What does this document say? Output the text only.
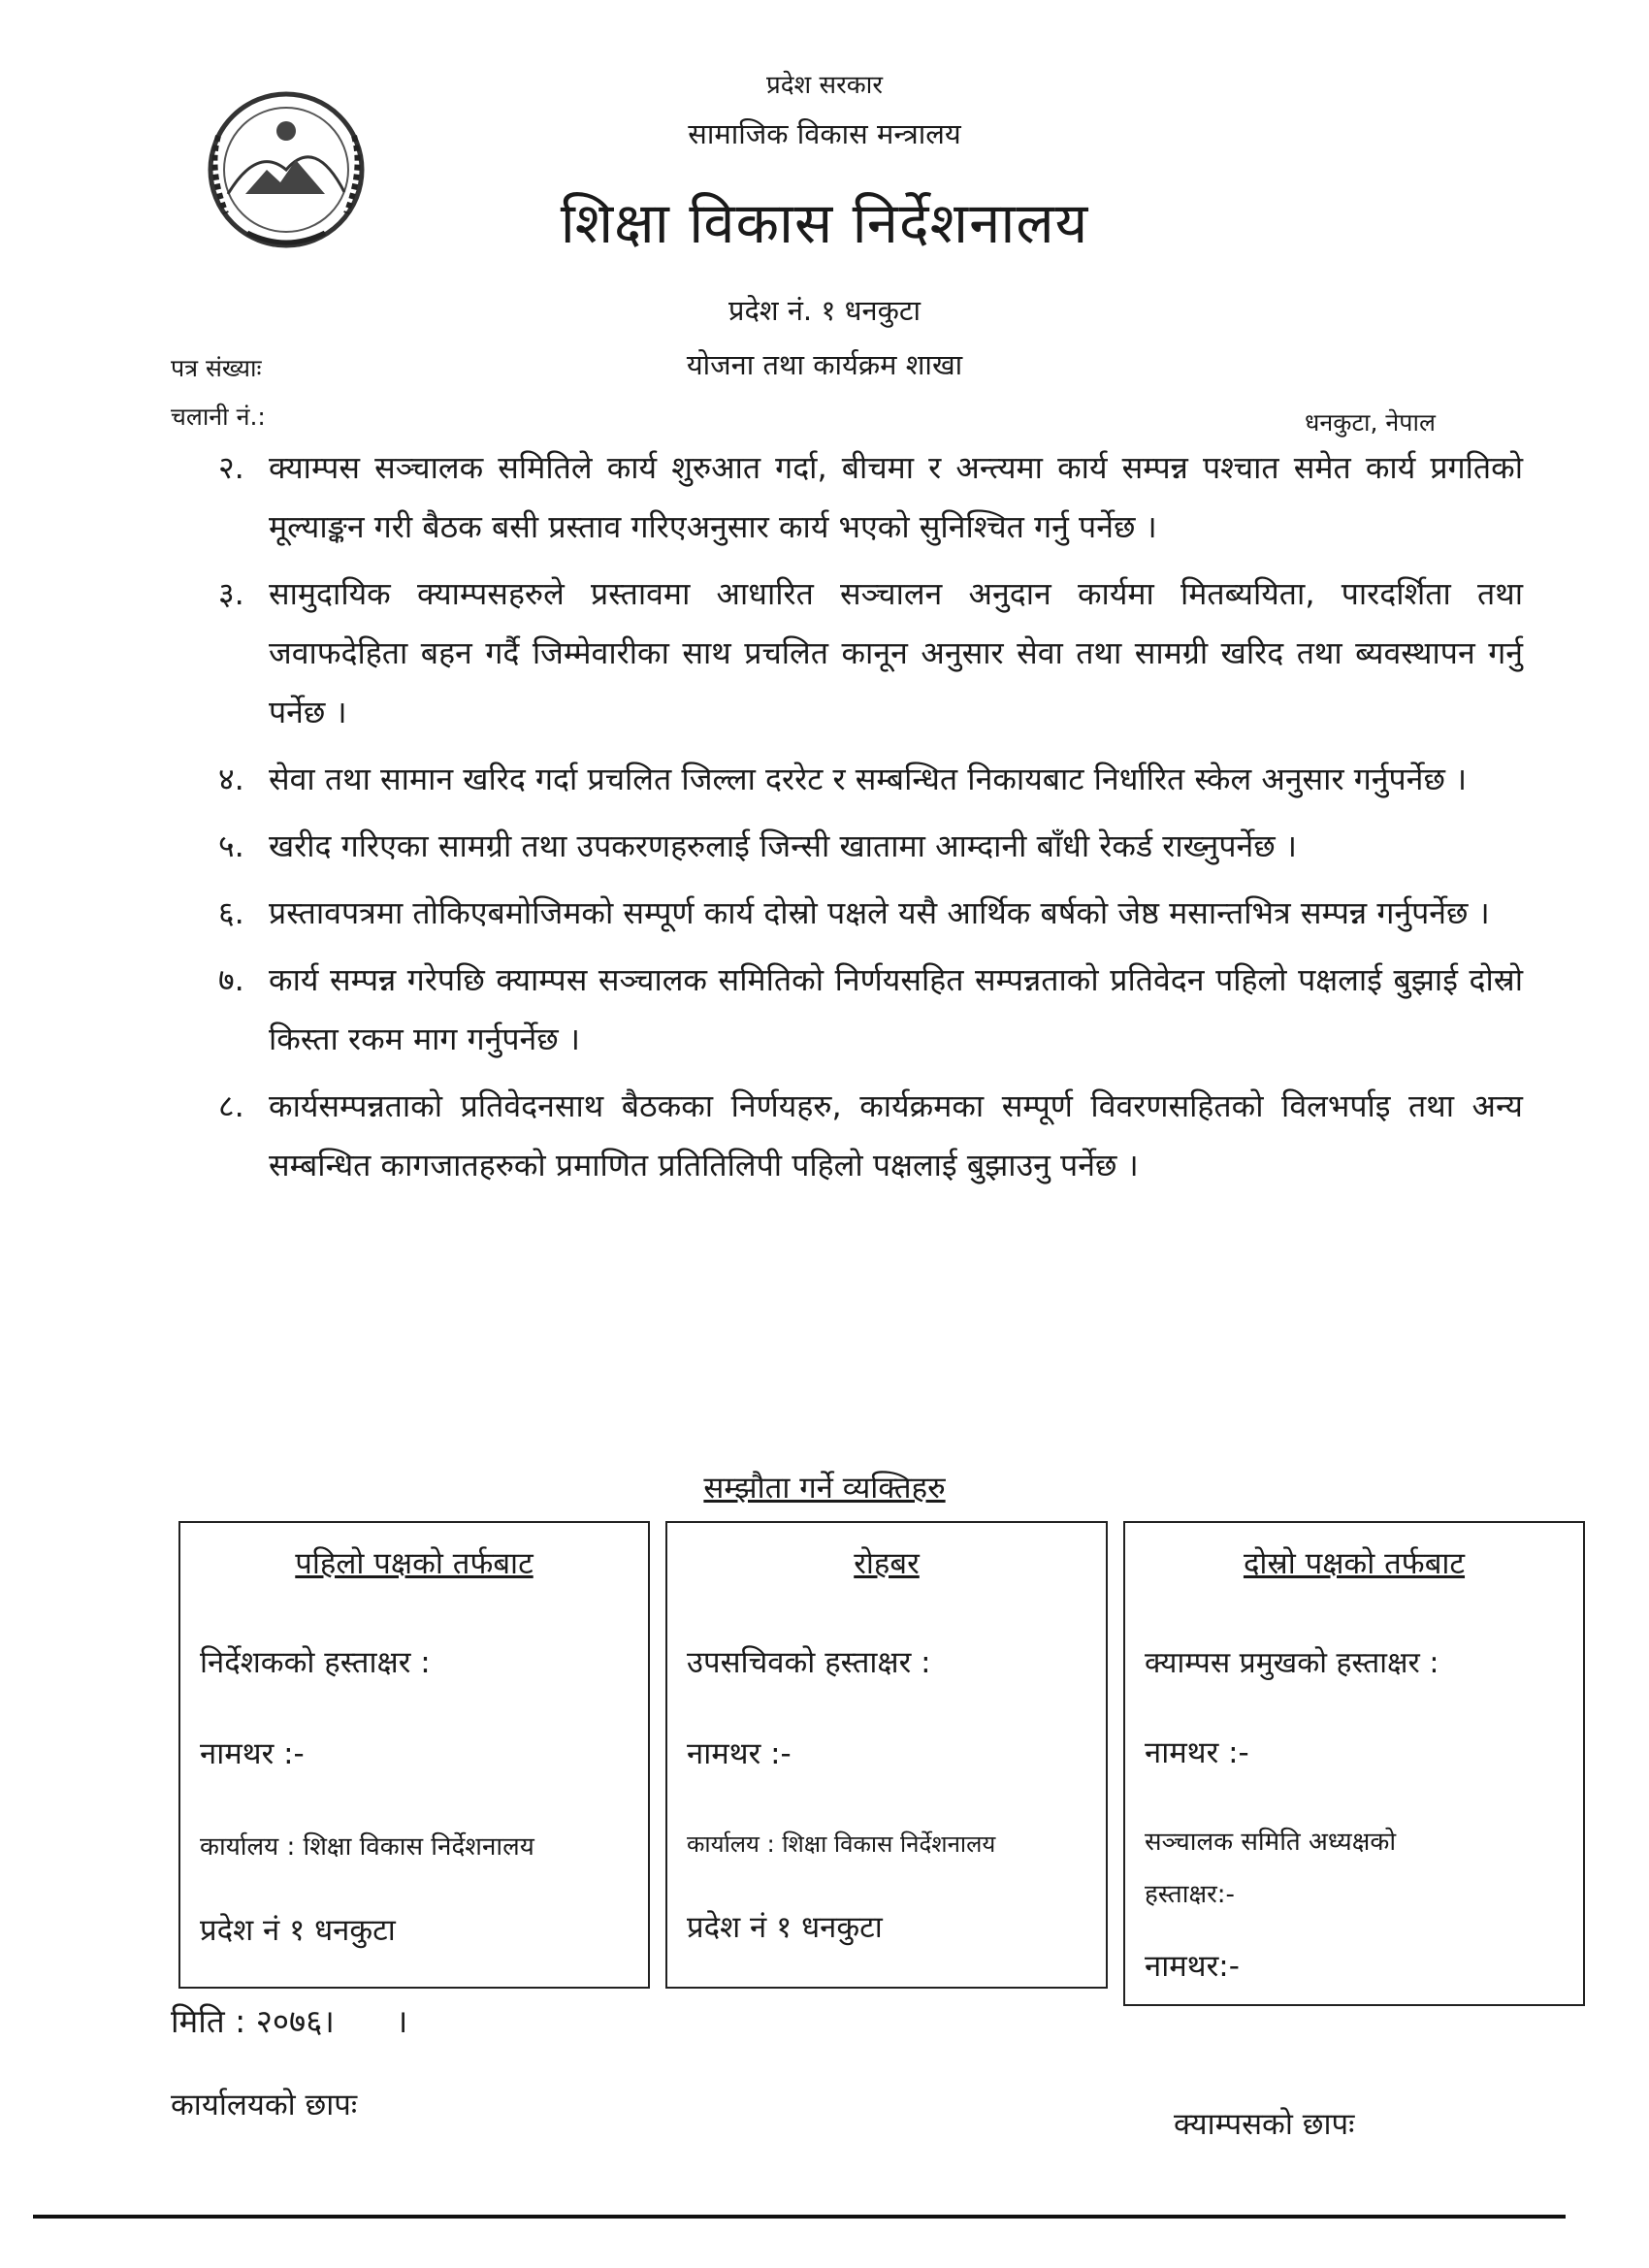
प्रदेश सरकार
सामाजिक विकास मन्त्रालय
शिक्षा विकास निर्देशनालय
प्रदेश नं. १ धनकुटा
योजना तथा कार्यक्रम शाखा
पत्र संख्याः
चलानी नं.:	धनकुटा, नेपाल
२. क्याम्पस सञ्चालक समितिले कार्य शुरुआत गर्दा, बीचमा र अन्त्यमा कार्य सम्पन्न पश्चात समेत कार्य प्रगतिको मूल्याङ्कन गरी बैठक बसी प्रस्ताव गरिएअनुसार कार्य भएको सुनिश्चित गर्नु पर्नेछ ।
३. सामुदायिक क्याम्पसहरुले प्रस्तावमा आधारित सञ्चालन अनुदान कार्यमा मितब्ययिता, पारदर्शिता तथा जवाफदेहिता बहन गर्दै जिम्मेवारीका साथ प्रचलित कानून अनुसार सेवा तथा सामग्री खरिद तथा ब्यवस्थापन गर्नु पर्नेछ ।
४. सेवा तथा सामान खरिद गर्दा प्रचलित जिल्ला दररेट र सम्बन्धित निकायबाट निर्धारित स्केल अनुसार गर्नुपर्नेछ ।
५. खरीद गरिएका सामग्री तथा उपकरणहरुलाई जिन्सी खातामा आम्दानी बाँधी रेकर्ड राख्नुपर्नेछ ।
६. प्रस्तावपत्रमा तोकिएबमोजिमको सम्पूर्ण कार्य दोस्रो पक्षले यसै आर्थिक बर्षको जेष्ठ मसान्तभित्र सम्पन्न गर्नुपर्नेछ ।
७. कार्य सम्पन्न गरेपछि क्याम्पस सञ्चालक समितिको निर्णयसहित सम्पन्नताको प्रतिवेदन पहिलो पक्षलाई बुझाई दोस्रो किस्ता रकम माग गर्नुपर्नेछ ।
८. कार्यसम्पन्नताको प्रतिवेदनसाथ बैठकका निर्णयहरु, कार्यक्रमका सम्पूर्ण विवरणसहितको विलभर्पाइ तथा अन्य सम्बन्धित कागजातहरुको प्रमाणित प्रतितिलिपी पहिलो पक्षलाई बुझाउनु पर्नेछ ।
सम्झौता गर्ने व्यक्तिहरु
पहिलो पक्षको तर्फबाट
निर्देशकको हस्ताक्षर :
नामथर :-
कार्यालय : शिक्षा विकास निर्देशनालय
प्रदेश नं १ धनकुटा
रोहबर
उपसचिवको हस्ताक्षर :
नामथर :-
कार्यालय : शिक्षा विकास निर्देशनालय
प्रदेश नं १ धनकुटा
दोस्रो पक्षको तर्फबाट
क्याम्पस प्रमुखको हस्ताक्षर :
नामथर :-
सञ्चालक समिति अध्यक्षको
हस्ताक्षर:-
नामथर:-
मिति : २०७६।      ।
कार्यालयको छापः
क्याम्पसको छापः
